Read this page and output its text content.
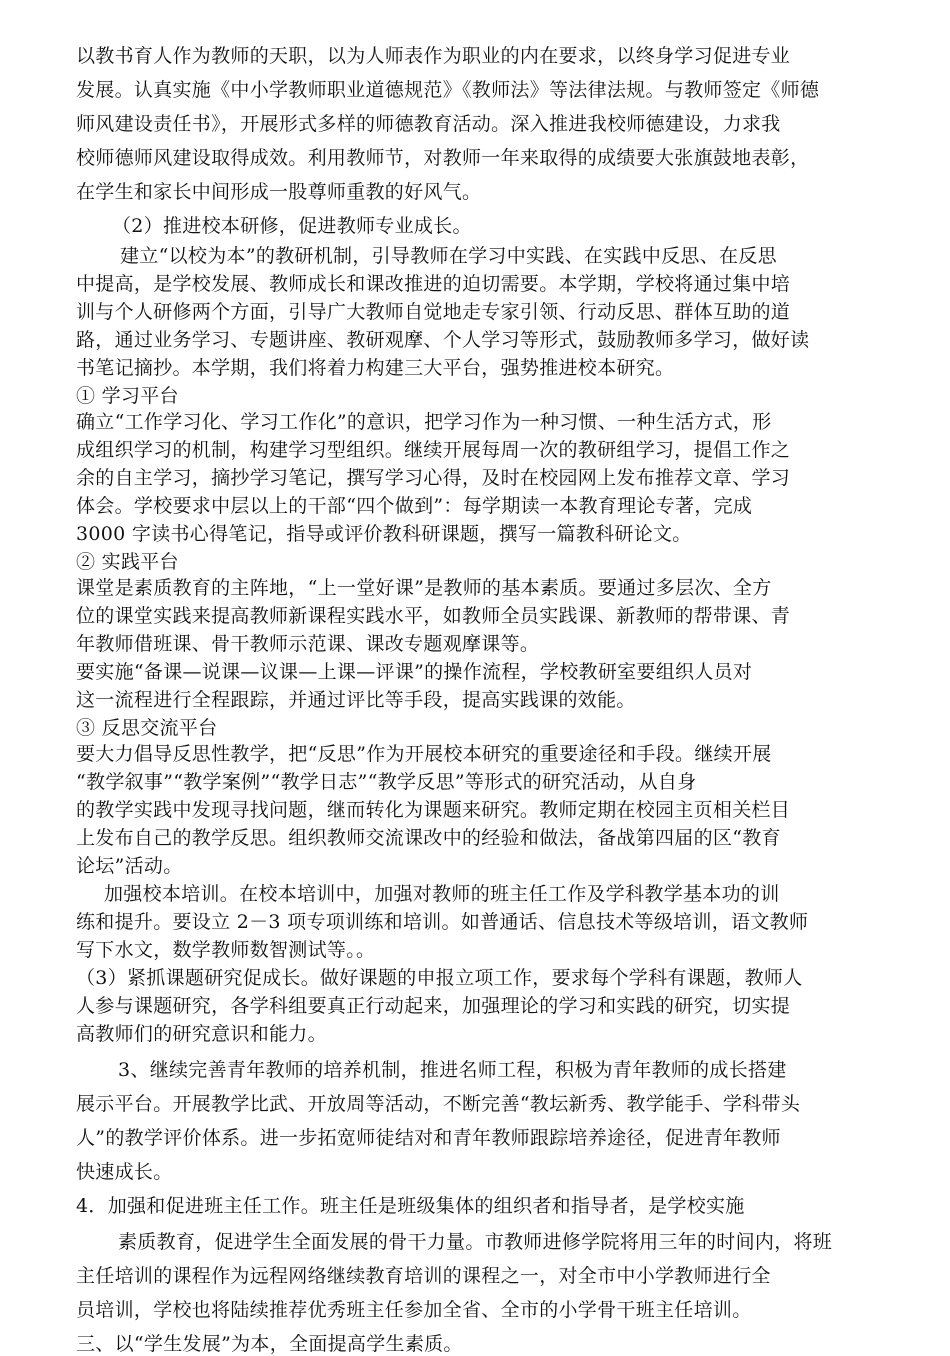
以教书育人作为教师的天职，以为人师表作为职业的内在要求，以终身学习促进专业
发展。认真实施《中小学教师职业道德规范》《教师法》等法律法规。与教师签定《师德
师风建设责任书》，开展形式多样的师德教育活动。深入推进我校师德建设，力求我
校师德师风建设取得成效。利用教师节，对教师一年来取得的成绩要大张旗鼓地表彰，
在学生和家长中间形成一股尊师重教的好风气。
（2）推进校本研修，促进教师专业成长。
建立“以校为本”的教研机制，引导教师在学习中实践、在实践中反思、在反思
中提高，是学校发展、教师成长和课改推进的迫切需要。本学期，学校将通过集中培
训与个人研修两个方面，引导广大教师自觉地走专家引领、行动反思、群体互助的道
路，通过业务学习、专题讲座、教研观摩、个人学习等形式，鼓励教师多学习，做好读
书笔记摘抄。本学期，我们将着力构建三大平台，强势推进校本研究。
① 学习平台
确立“工作学习化、学习工作化”的意识，把学习作为一种习惯、一种生活方式，形
成组织学习的机制，构建学习型组织。继续开展每周一次的教研组学习，提倡工作之
余的自主学习，摘抄学习笔记，撰写学习心得，及时在校园网上发布推荐文章、学习
体会。学校要求中层以上的干部“四个做到”：每学期读一本教育理论专著，完成
3000 字读书心得笔记，指导或评价教科研课题，撰写一篇教科研论文。
② 实践平台
课堂是素质教育的主阵地，“上一堂好课”是教师的基本素质。要通过多层次、全方
位的课堂实践来提高教师新课程实践水平，如教师全员实践课、新教师的帮带课、青
年教师借班课、骨干教师示范课、课改专题观摩课等。
要实施“备课—说课—议课—上课—评课”的操作流程，学校教研室要组织人员对
这一流程进行全程跟踪，并通过评比等手段，提高实践课的效能。
③ 反思交流平台
要大力倡导反思性教学，把“反思”作为开展校本研究的重要途径和手段。继续开展
“教学叙事”“教学案例”“教学日志”“教学反思”等形式的研究活动，从自身
的教学实践中发现寻找问题，继而转化为课题来研究。教师定期在校园主页相关栏目
上发布自己的教学反思。组织教师交流课改中的经验和做法，备战第四届的区“教育
论坛”活动。
加强校本培训。在校本培训中，加强对教师的班主任工作及学科教学基本功的训
练和提升。要设立 2－3 项专项训练和培训。如普通话、信息技术等级培训，语文教师
写下水文，数学教师数智测试等。。
（3）紧抓课题研究促成长。做好课题的申报立项工作，要求每个学科有课题，教师人
人参与课题研究，各学科组要真正行动起来，加强理论的学习和实践的研究，切实提
高教师们的研究意识和能力。
3、继续完善青年教师的培养机制，推进名师工程，积极为青年教师的成长搭建
展示平台。开展教学比武、开放周等活动，不断完善“教坛新秀、教学能手、学科带头
人”的教学评价体系。进一步拓宽师徒结对和青年教师跟踪培养途径，促进青年教师
快速成长。
4．加强和促进班主任工作。班主任是班级集体的组织者和指导者，是学校实施
素质教育，促进学生全面发展的骨干力量。市教师进修学院将用三年的时间内，将班
主任培训的课程作为远程网络继续教育培训的课程之一，对全市中小学教师进行全
员培训，学校也将陆续推荐优秀班主任参加全省、全市的小学骨干班主任培训。
三、以“学生发展”为本，全面提高学生素质。
